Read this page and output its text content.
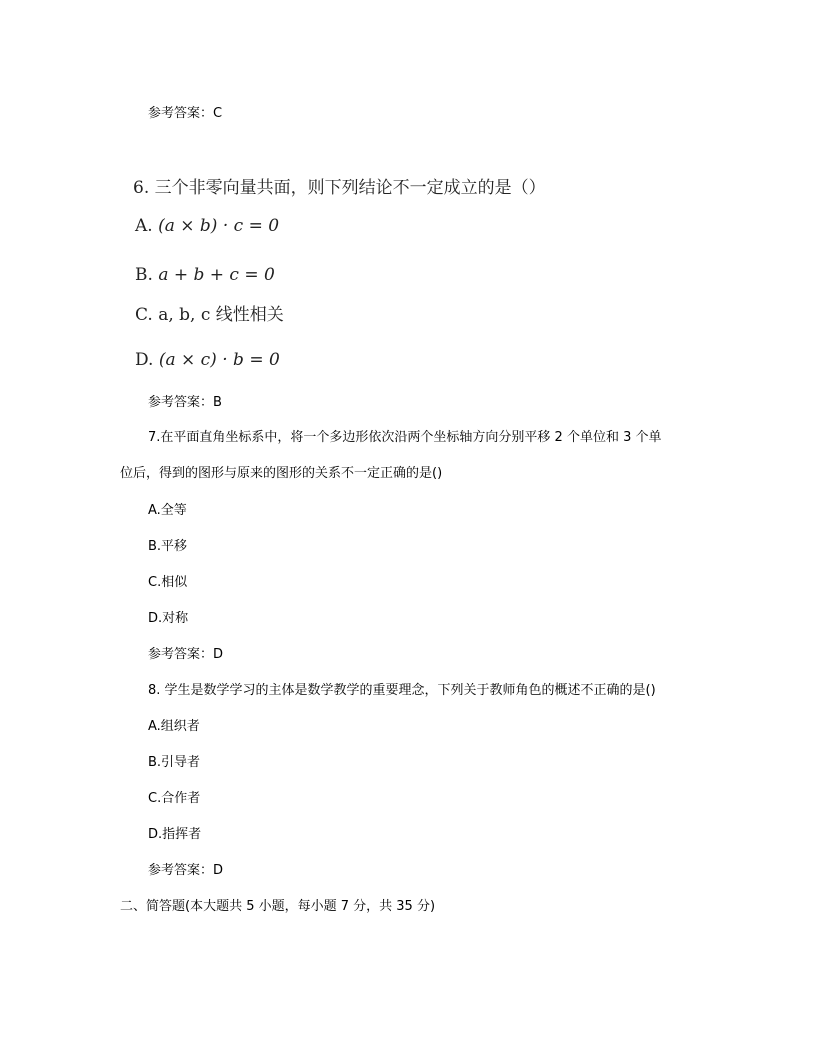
参考答案：C
6. 三个非零向量共面，则下列结论不一定成立的是（）
A. (a × b) · c = 0
B. a + b + c = 0
C. a, b, c 线性相关
D. (a × c) · b = 0
参考答案：B
7.在平面直角坐标系中，将一个多边形依次沿两个坐标轴方向分别平移 2 个单位和 3 个单
位后，得到的图形与原来的图形的关系不一定正确的是()
A.全等
B.平移
C.相似
D.对称
参考答案：D
8. 学生是数学学习的主体是数学教学的重要理念，下列关于教师角色的概述不正确的是()
A.组织者
B.引导者
C.合作者
D.指挥者
参考答案：D
二、简答题(本大题共 5 小题，每小题 7 分，共 35 分)
